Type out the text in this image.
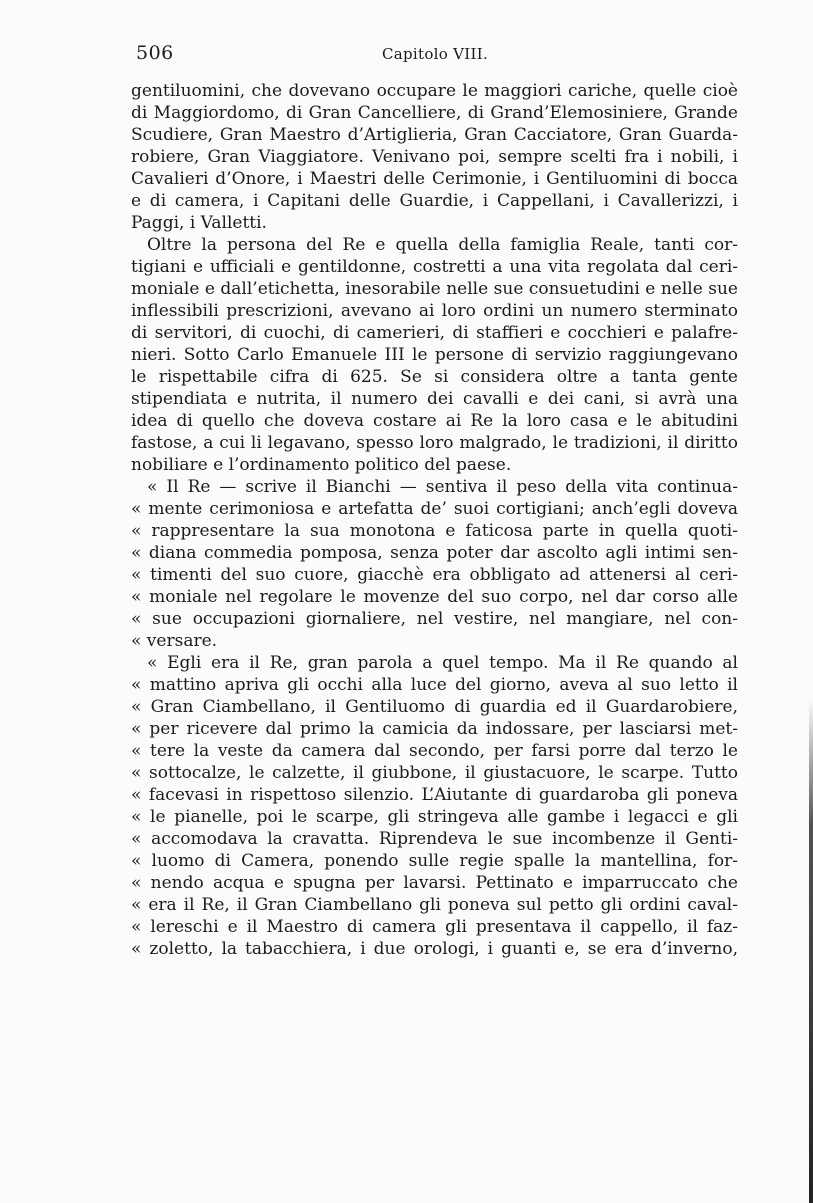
506	Capitolo VIII.
gentiluomini, che dovevano occupare le maggiori cariche, quelle cioè
di Maggiordomo, di Gran Cancelliere, di Grand’Elemosiniere, Grande
Scudiere, Gran Maestro d’Artiglieria, Gran Cacciatore, Gran Guarda-
robiere, Gran Viaggiatore. Venivano poi, sempre scelti fra i nobili, i
Cavalieri d’Onore, i Maestri delle Cerimonie, i Gentiluomini di bocca
e di camera, i Capitani delle Guardie, i Cappellani, i Cavallerizzi, i
Paggi, i Valletti.
Oltre la persona del Re e quella della famiglia Reale, tanti cor-
tigiani e ufficiali e gentildonne, costretti a una vita regolata dal ceri-
moniale e dall’etichetta, inesorabile nelle sue consuetudini e nelle sue
inflessibili prescrizioni, avevano ai loro ordini un numero sterminato
di servitori, di cuochi, di camerieri, di staffieri e cocchieri e palafre-
nieri. Sotto Carlo Emanuele III le persone di servizio raggiungevano
le rispettabile cifra di 625. Se si considera oltre a tanta gente
stipendiata e nutrita, il numero dei cavalli e dei cani, si avrà una
idea di quello che doveva costare ai Re la loro casa e le abitudini
fastose, a cui li legavano, spesso loro malgrado, le tradizioni, il diritto
nobiliare e l’ordinamento politico del paese.
« Il Re — scrive il Bianchi — sentiva il peso della vita continua-
« mente cerimoniosa e artefatta de’ suoi cortigiani; anch’egli doveva
« rappresentare la sua monotona e faticosa parte in quella quoti-
« diana commedia pomposa, senza poter dar ascolto agli intimi sen-
« timenti del suo cuore, giacchè era obbligato ad attenersi al ceri-
« moniale nel regolare le movenze del suo corpo, nel dar corso alle
« sue occupazioni giornaliere, nel vestire, nel mangiare, nel con-
« versare.
« Egli era il Re, gran parola a quel tempo. Ma il Re quando al
« mattino apriva gli occhi alla luce del giorno, aveva al suo letto il
« Gran Ciambellano, il Gentiluomo di guardia ed il Guardarobiere,
« per ricevere dal primo la camicia da indossare, per lasciarsi met-
« tere la veste da camera dal secondo, per farsi porre dal terzo le
« sottocalze, le calzette, il giubbone, il giustacuore, le scarpe. Tutto
« facevasi in rispettoso silenzio. L’Aiutante di guardaroba gli poneva
« le pianelle, poi le scarpe, gli stringeva alle gambe i legacci e gli
« accomodava la cravatta. Riprendeva le sue incombenze il Genti-
« luomo di Camera, ponendo sulle regie spalle la mantellina, for-
« nendo acqua e spugna per lavarsi. Pettinato e imparruccato che
« era il Re, il Gran Ciambellano gli poneva sul petto gli ordini caval-
« lereschi e il Maestro di camera gli presentava il cappello, il faz-
« zoletto, la tabacchiera, i due orologi, i guanti e, se era d’inverno,
